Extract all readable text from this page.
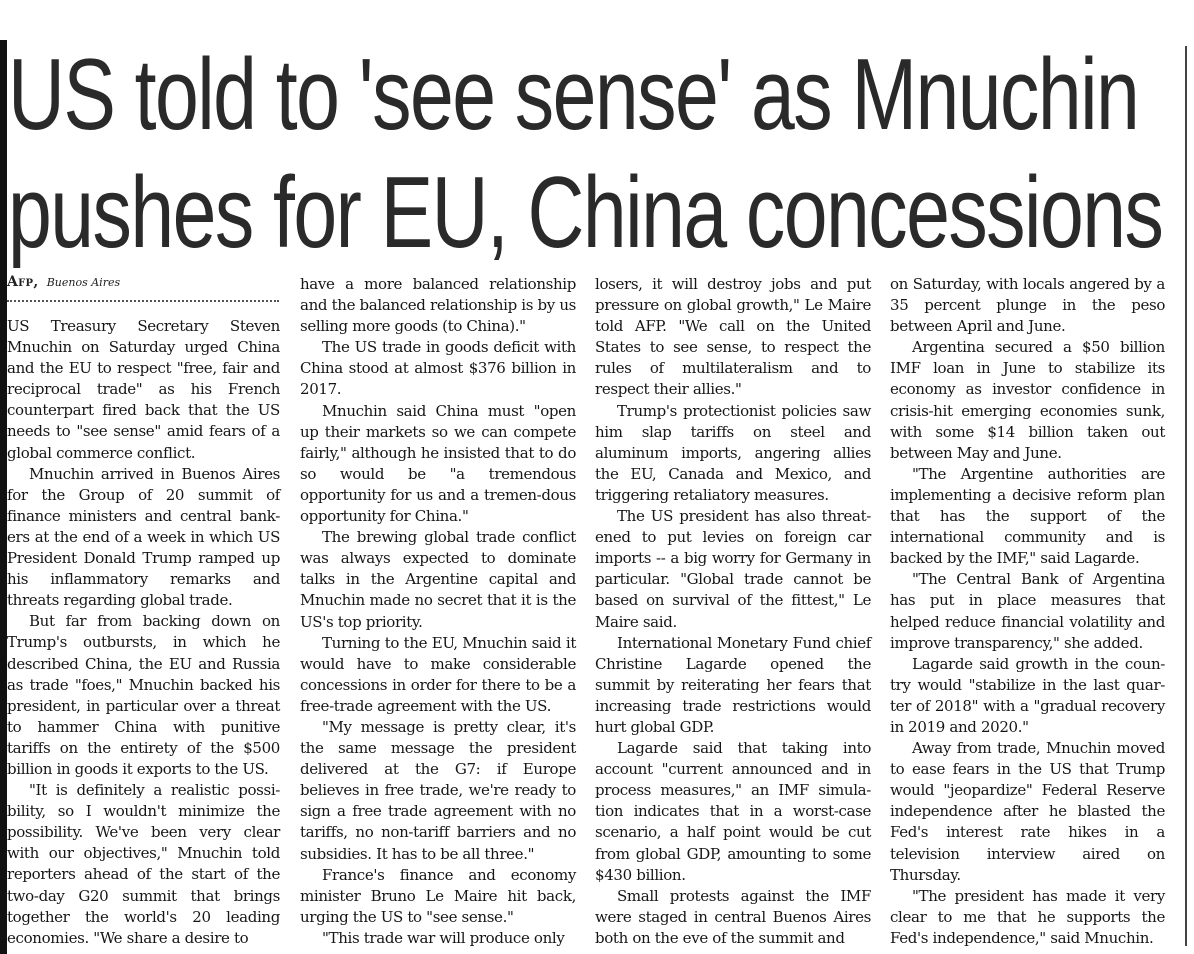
US told to 'see sense' as Mnuchin
pushes for EU, China concessions
Afp, Buenos Aires

US Treasury Secretary Steven Mnuchin on Saturday urged China and the EU to respect "free, fair and reciprocal trade" as his French counterpart fired back that the US needs to "see sense" amid fears of a global commerce conflict.

Mnuchin arrived in Buenos Aires for the Group of 20 summit of finance ministers and central bank-ers at the end of a week in which US President Donald Trump ramped up his inflammatory remarks and threats regarding global trade.

But far from backing down on Trump's outbursts, in which he described China, the EU and Russia as trade "foes," Mnuchin backed his president, in particular over a threat to hammer China with punitive tariffs on the entirety of the $500 billion in goods it exports to the US.

"It is definitely a realistic possi-bility, so I wouldn't minimize the possibility. We've been very clear with our objectives," Mnuchin told reporters ahead of the start of the two-day G20 summit that brings together the world's 20 leading economies. "We share a desire to

have a more balanced relationship and the balanced relationship is by us selling more goods (to China)."

The US trade in goods deficit with China stood at almost $376 billion in 2017.

Mnuchin said China must "open up their markets so we can compete fairly," although he insisted that to do so would be "a tremendous opportunity for us and a tremen-dous opportunity for China."

The brewing global trade conflict was always expected to dominate talks in the Argentine capital and Mnuchin made no secret that it is the US's top priority.

Turning to the EU, Mnuchin said it would have to make considerable concessions in order for there to be a free-trade agreement with the US.

"My message is pretty clear, it's the same message the president delivered at the G7: if Europe believes in free trade, we're ready to sign a free trade agreement with no tariffs, no non-tariff barriers and no subsidies. It has to be all three."

France's finance and economy minister Bruno Le Maire hit back, urging the US to "see sense."

"This trade war will produce only

losers, it will destroy jobs and put pressure on global growth," Le Maire told AFP. "We call on the United States to see sense, to respect the rules of multilateralism and to respect their allies."

Trump's protectionist policies saw him slap tariffs on steel and aluminum imports, angering allies the EU, Canada and Mexico, and triggering retaliatory measures.

The US president has also threat-ened to put levies on foreign car imports -- a big worry for Germany in particular. "Global trade cannot be based on survival of the fittest," Le Maire said.

International Monetary Fund chief Christine Lagarde opened the summit by reiterating her fears that increasing trade restrictions would hurt global GDP.

Lagarde said that taking into account "current announced and in process measures," an IMF simula-tion indicates that in a worst-case scenario, a half point would be cut from global GDP, amounting to some $430 billion.

Small protests against the IMF were staged in central Buenos Aires both on the eve of the summit and

on Saturday, with locals angered by a 35 percent plunge in the peso between April and June.

Argentina secured a $50 billion IMF loan in June to stabilize its economy as investor confidence in crisis-hit emerging economies sunk, with some $14 billion taken out between May and June.

"The Argentine authorities are implementing a decisive reform plan that has the support of the international community and is backed by the IMF," said Lagarde.

"The Central Bank of Argentina has put in place measures that helped reduce financial volatility and improve transparency," she added.

Lagarde said growth in the coun-try would "stabilize in the last quar-ter of 2018" with a "gradual recovery in 2019 and 2020."

Away from trade, Mnuchin moved to ease fears in the US that Trump would "jeopardize" Federal Reserve independence after he blasted the Fed's interest rate hikes in a television interview aired on Thursday.

"The president has made it very clear to me that he supports the Fed's independence," said Mnuchin.
